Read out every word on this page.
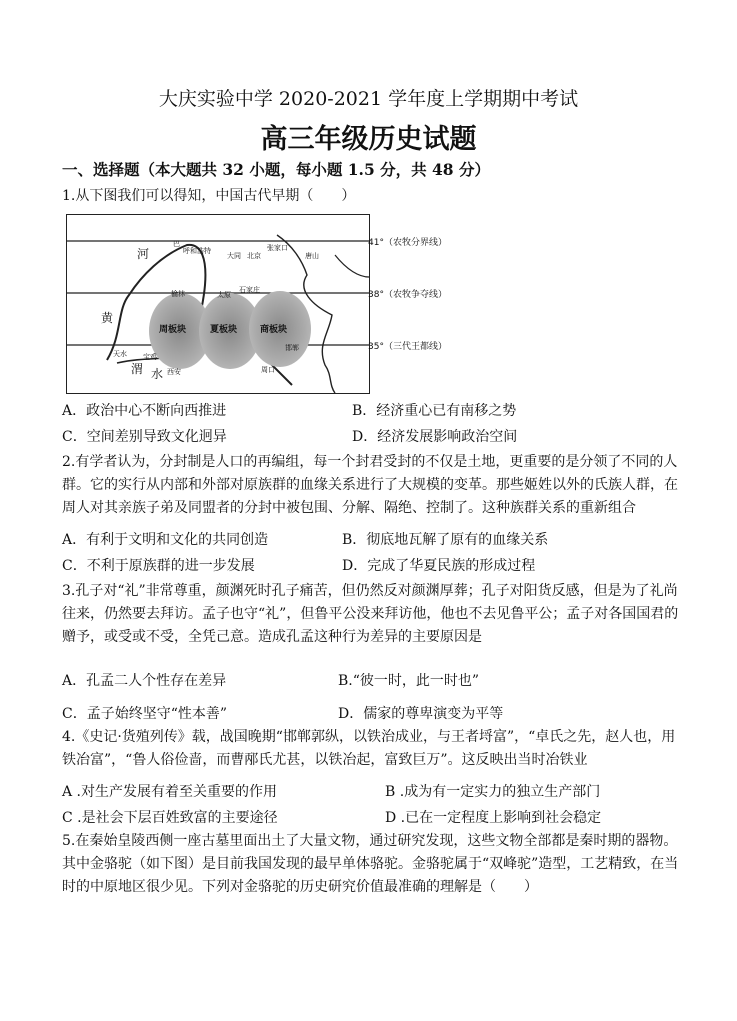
大庆实验中学 2020-2021 学年度上学期期中考试
高三年级历史试题
一、选择题（本大题共 32 小题，每小题 1.5 分，共 48 分）
1.从下图我们可以得知，中国古代早期（　　）
周板块	夏板块	商板块
河
黄
渭 水
巴
呼和浩特
大同 北京	唐山
张家口
榆林	太原
石家庄
邯郸
天水 宝鸡
西安	周口
41°（农牧分界线）
38°（农牧争夺线）
35°（三代王都线）
A．政治中心不断向西推进	B．经济重心已有南移之势
C．空间差别导致文化迥异	D．经济发展影响政治空间
2.有学者认为，分封制是人口的再编组，每一个封君受封的不仅是土地，更重要的是分领了不同的人群。它的实行从内部和外部对原族群的血缘关系进行了大规模的变革。那些姬姓以外的氏族人群，在周人对其亲族子弟及同盟者的分封中被包围、分解、隔绝、控制了。这种族群关系的重新组合
A．有利于文明和文化的共同创造	B．彻底地瓦解了原有的血缘关系
C．不利于原族群的进一步发展	D．完成了华夏民族的形成过程
3.孔子对“礼”非常尊重，颜渊死时孔子痛苦，但仍然反对颜渊厚葬；孔子对阳货反感，但是为了礼尚往来，仍然要去拜访。孟子也守“礼”，但鲁平公没来拜访他，他也不去见鲁平公；孟子对各国国君的赠予，或受或不受，全凭己意。造成孔孟这种行为差异的主要原因是
A．孔孟二人个性存在差异	B.“彼一时，此一时也”
C．孟子始终坚守“性本善”	D．儒家的尊卑演变为平等
4.《史记·货殖列传》载，战国晚期“邯郸郭纵，以铁治成业，与王者埒富”，“卓氏之先，赵人也，用铁冶富”，“鲁人俗俭啬，而曹邴氏尤甚，以铁冶起，富致巨万”。这反映出当时冶铁业
A .对生产发展有着至关重要的作用	B .成为有一定实力的独立生产部门
C .是社会下层百姓致富的主要途径	D .已在一定程度上影响到社会稳定
5.在秦始皇陵西侧一座古墓里面出土了大量文物，通过研究发现，这些文物全部都是秦时期的器物。其中金骆驼（如下图）是目前我国发现的最早单体骆驼。金骆驼属于“双峰驼”造型，工艺精致，在当时的中原地区很少见。下列对金骆驼的历史研究价值最准确的理解是（　　）
